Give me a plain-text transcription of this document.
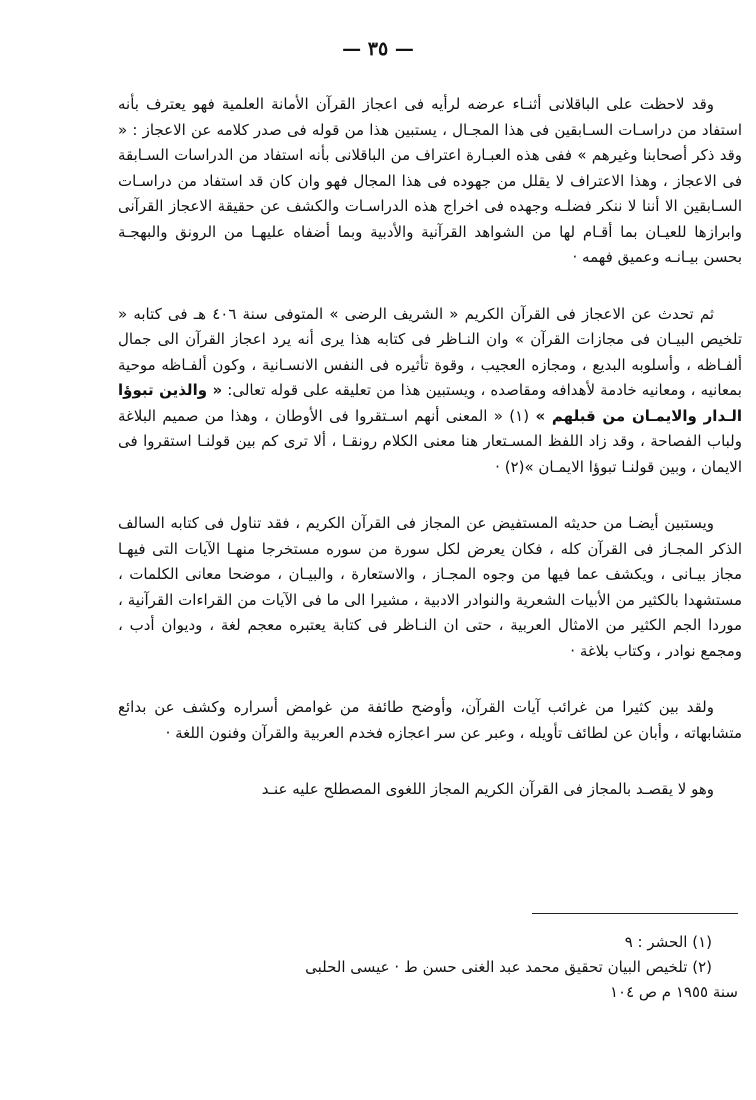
— ٣٥ —

وقد لاحظت على الباقلانى أثنـاء عرضه لرأيه فى اعجاز القرآن الأمانة العلمية فهو يعترف بأنه استفاد من دراسـات السـابقين فى هذا المجـال ، يستبين هذا من قوله فى صدر كلامه عن الاعجاز : « وقد ذكر أصحابنا وغيرهم » ففى هذه العبـارة اعتراف من الباقلانى بأنه استفاد من الدراسات السـابقة فى الاعجاز ، وهذا الاعتراف لا يقلل من جهوده فى هذا المجال فهو وان كان قد استفاد من دراسـات السـابقين الا أننا لا ننكر فضلـه وجهده فى اخراج هذه الدراسـات والكشف عن حقيقة الاعجاز القرآنى وابرازها للعيـان بما أقـام لها من الشواهد القرآنية والأدبية وبما أضفاه عليهـا من الرونق والبهجـة بحسن بيـانـه وعميق فهمه ·

ثم تحدث عن الاعجاز فى القرآن الكريم « الشريف الرضى » المتوفى سنة ٤٠٦ هـ فى كتابه « تلخيص البيـان فى مجازات القرآن » وان النـاظر فى كتابه هذا يرى أنه يرد اعجاز القرآن الى جمال ألفـاظه ، وأسلوبه البديع ، ومجازه العجيب ، وقوة تأثيره فى النفس الانسـانية ، وكون ألفـاظه موحية بمعانيه ، ومعانيه خادمة لأهدافه ومقاصده ، ويستبين هذا من تعليقه على قوله تعالى: « والذين تبوؤا الـدار والايمـان من قبلهم » (١) « المعنى أنهم اسـتقروا فى الأوطان ، وهذا من صميم البلاغة ولباب الفصاحة ، وقد زاد اللفظ المسـتعار هنا معنى الكلام رونقـا ، ألا ترى كم بين قولنـا استقروا فى الايمان ، وبين قولنـا تبوؤا الايمـان »(٢) ·

ويستبين أيضـا من حديثه المستفيض عن المجاز فى القرآن الكريم ، فقد تناول فى كتابه السالف الذكر المجـاز فى القرآن كله ، فكان يعرض لكل سورة من سوره مستخرجا منهـا الآيات التى فيهـا مجاز بيـانى ، ويكشف عما فيها من وجوه المجـاز ، والاستعارة ، والبيـان ، موضحا معانى الكلمات ، مستشهدا بالكثير من الأبيات الشعرية والنوادر الادبية ، مشيرا الى ما فى الآيات من القراءات القرآنية ، موردا الجم الكثير من الامثال العربية ، حتى ان النـاظر فى كتابة يعتبره معجم لغة ، وديوان أدب ، ومجمع نوادر ، وكتاب بلاغة ·

ولقد بين كثيرا من غرائب آيات القرآن، وأوضح طائفة من غوامض أسراره وكشف عن بدائع متشابهاته ، وأبان عن لطائف تأويله ، وعبر عن سر اعجازه فخدم العربية والقرآن وفنون اللغة ·

وهو لا يقصـد بالمجاز فى القرآن الكريم المجاز اللغوى المصطلح عليه عنـد

(١) الحشر : ٩

(٢) تلخيص البيان تحقيق محمد عبد الغنى حسن ط · عيسى الحلبى

سنة ١٩٥٥ م ص ١٠٤
